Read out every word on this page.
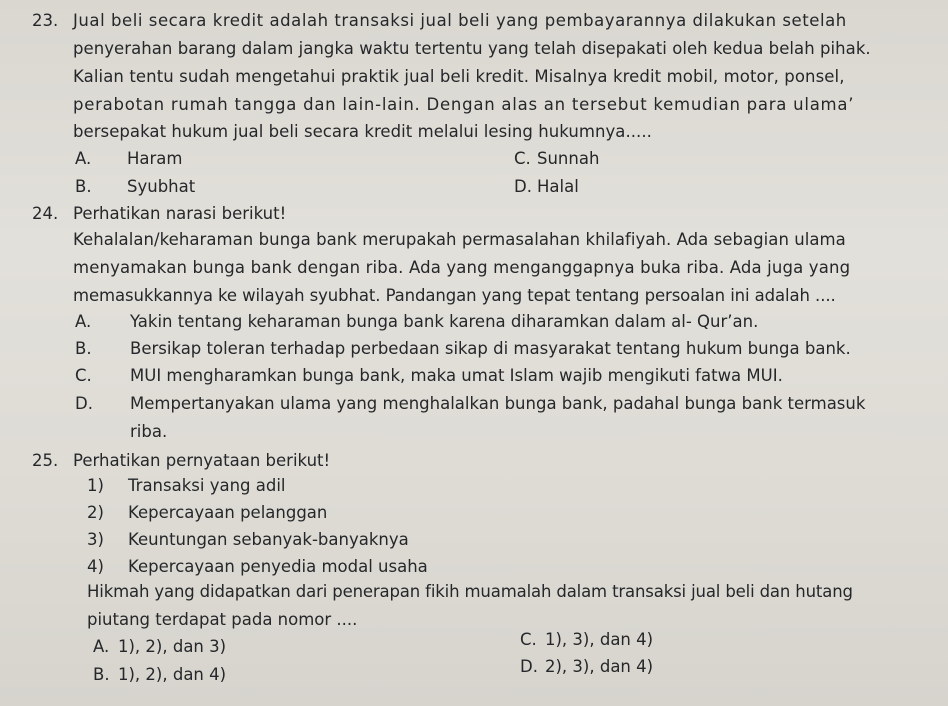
23. Jual beli secara kredit adalah transaksi jual beli yang pembayarannya dilakukan setelah
penyerahan barang dalam jangka waktu tertentu yang telah disepakati oleh kedua belah pihak.
Kalian tentu sudah mengetahui praktik jual beli kredit. Misalnya kredit mobil, motor, ponsel,
perabotan rumah tangga dan lain-lain. Dengan alas an tersebut kemudian para ulama’
bersepakat hukum jual beli secara kredit melalui lesing hukumnya.....
A. Haram
B. Syubhat
C. Sunnah
D. Halal
24. Perhatikan narasi berikut!
Kehalalan/keharaman bunga bank merupakah permasalahan khilafiyah. Ada sebagian ulama
menyamakan bunga bank dengan riba. Ada yang menganggapnya buka riba. Ada juga yang
memasukkannya ke wilayah syubhat. Pandangan yang tepat tentang persoalan ini adalah ....
A. Yakin tentang keharaman bunga bank karena diharamkan dalam al- Qur’an.
B. Bersikap toleran terhadap perbedaan sikap di masyarakat tentang hukum bunga bank.
C. MUI mengharamkan bunga bank, maka umat Islam wajib mengikuti fatwa MUI.
D. Mempertanyakan ulama yang menghalalkan bunga bank, padahal bunga bank termasuk
riba.
25. Perhatikan pernyataan berikut!
1) Transaksi yang adil
2) Kepercayaan pelanggan
3) Keuntungan sebanyak-banyaknya
4) Kepercayaan penyedia modal usaha
Hikmah yang didapatkan dari penerapan fikih muamalah dalam transaksi jual beli dan hutang
piutang terdapat pada nomor ....
A. 1), 2), dan 3)
B. 1), 2), dan 4)
C. 1), 3), dan 4)
D. 2), 3), dan 4)
